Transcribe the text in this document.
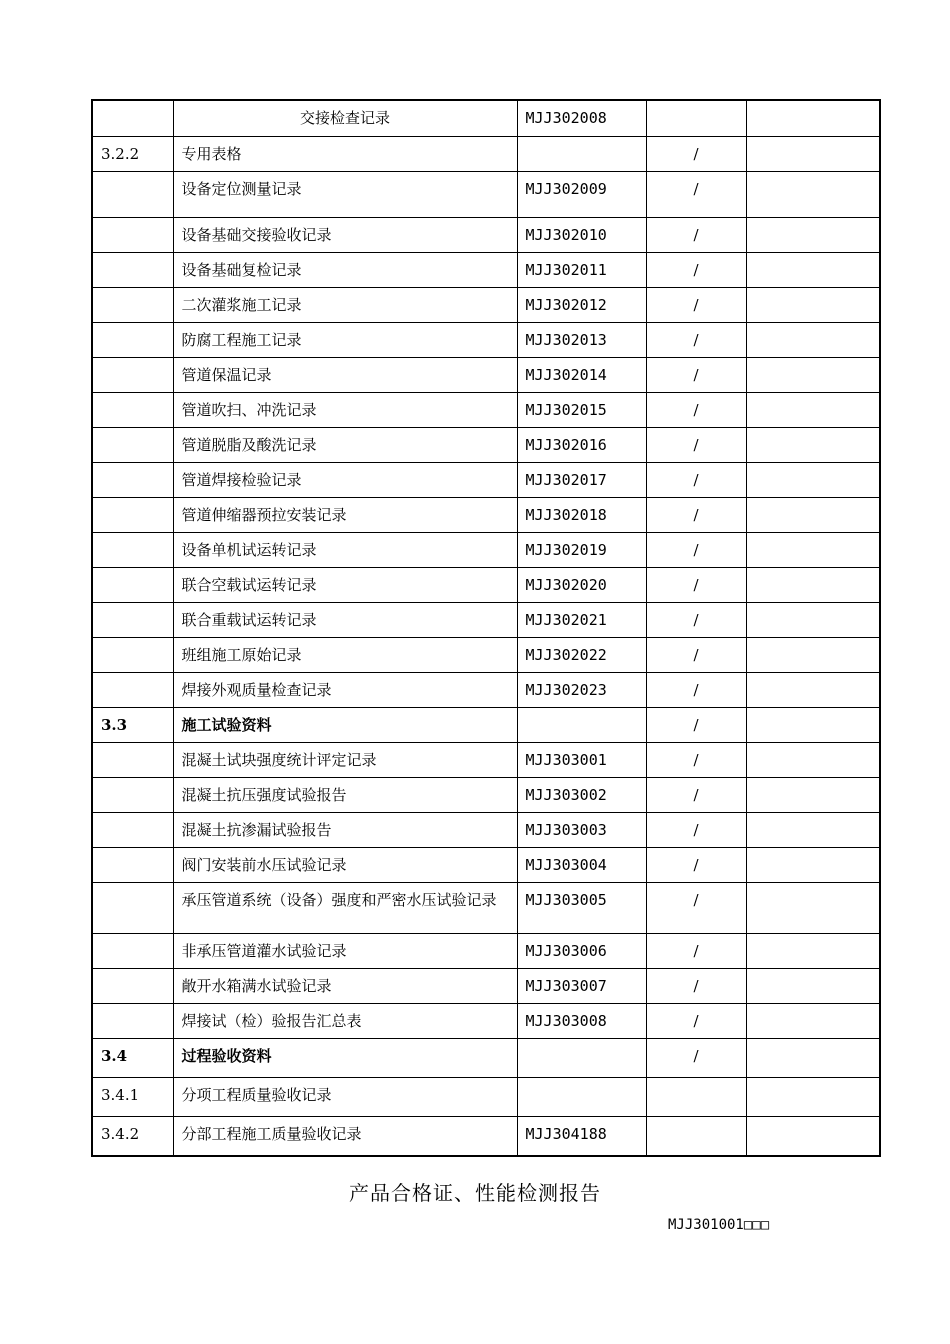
	交接检查记录	MJJ302008		
3.2.2	专用表格		/	
	设备定位测量记录	MJJ302009	/	
	设备基础交接验收记录	MJJ302010	/	
	设备基础复检记录	MJJ302011	/	
	二次灌浆施工记录	MJJ302012	/	
	防腐工程施工记录	MJJ302013	/	
	管道保温记录	MJJ302014	/	
	管道吹扫、冲洗记录	MJJ302015	/	
	管道脱脂及酸洗记录	MJJ302016	/	
	管道焊接检验记录	MJJ302017	/	
	管道伸缩器预拉安装记录	MJJ302018	/	
	设备单机试运转记录	MJJ302019	/	
	联合空载试运转记录	MJJ302020	/	
	联合重载试运转记录	MJJ302021	/	
	班组施工原始记录	MJJ302022	/	
	焊接外观质量检查记录	MJJ302023	/	
3.3	施工试验资料		/	
	混凝土试块强度统计评定记录	MJJ303001	/	
	混凝土抗压强度试验报告	MJJ303002	/	
	混凝土抗渗漏试验报告	MJJ303003	/	
	阀门安装前水压试验记录	MJJ303004	/	
	承压管道系统（设备）强度和严密水压试验记录	MJJ303005	/	
	非承压管道灌水试验记录	MJJ303006	/	
	敞开水箱满水试验记录	MJJ303007	/	
	焊接试（检）验报告汇总表	MJJ303008	/	
3.4	过程验收资料		/	
3.4.1	分项工程质量验收记录			
3.4.2	分部工程施工质量验收记录	MJJ304188		
产品合格证、性能检测报告
MJJ301001□□□
